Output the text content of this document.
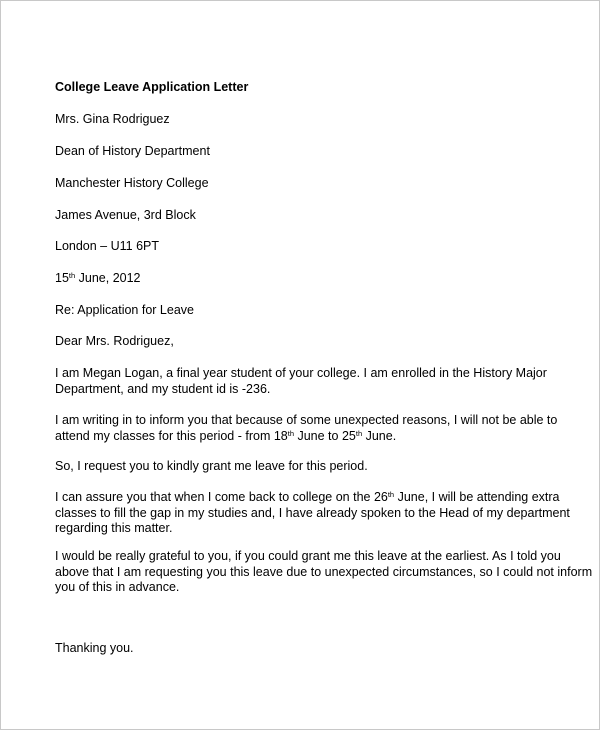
College Leave Application Letter
Mrs. Gina Rodriguez
Dean of History Department
Manchester History College
James Avenue, 3rd Block
London – U11 6PT
15th June, 2012
Re: Application for Leave
Dear Mrs. Rodriguez,
I am Megan Logan, a final year student of your college. I am enrolled in the History Major
Department, and my student id is -236.
I am writing in to inform you that because of some unexpected reasons, I will not be able to
attend my classes for this period - from 18th June to 25th June.
So, I request you to kindly grant me leave for this period.
I can assure you that when I come back to college on the 26th June, I will be attending extra
classes to fill the gap in my studies and, I have already spoken to the Head of my department
regarding this matter.
I would be really grateful to you, if you could grant me this leave at the earliest. As I told you
above that I am requesting you this leave due to unexpected circumstances, so I could not inform
you of this in advance.
Thanking you.
